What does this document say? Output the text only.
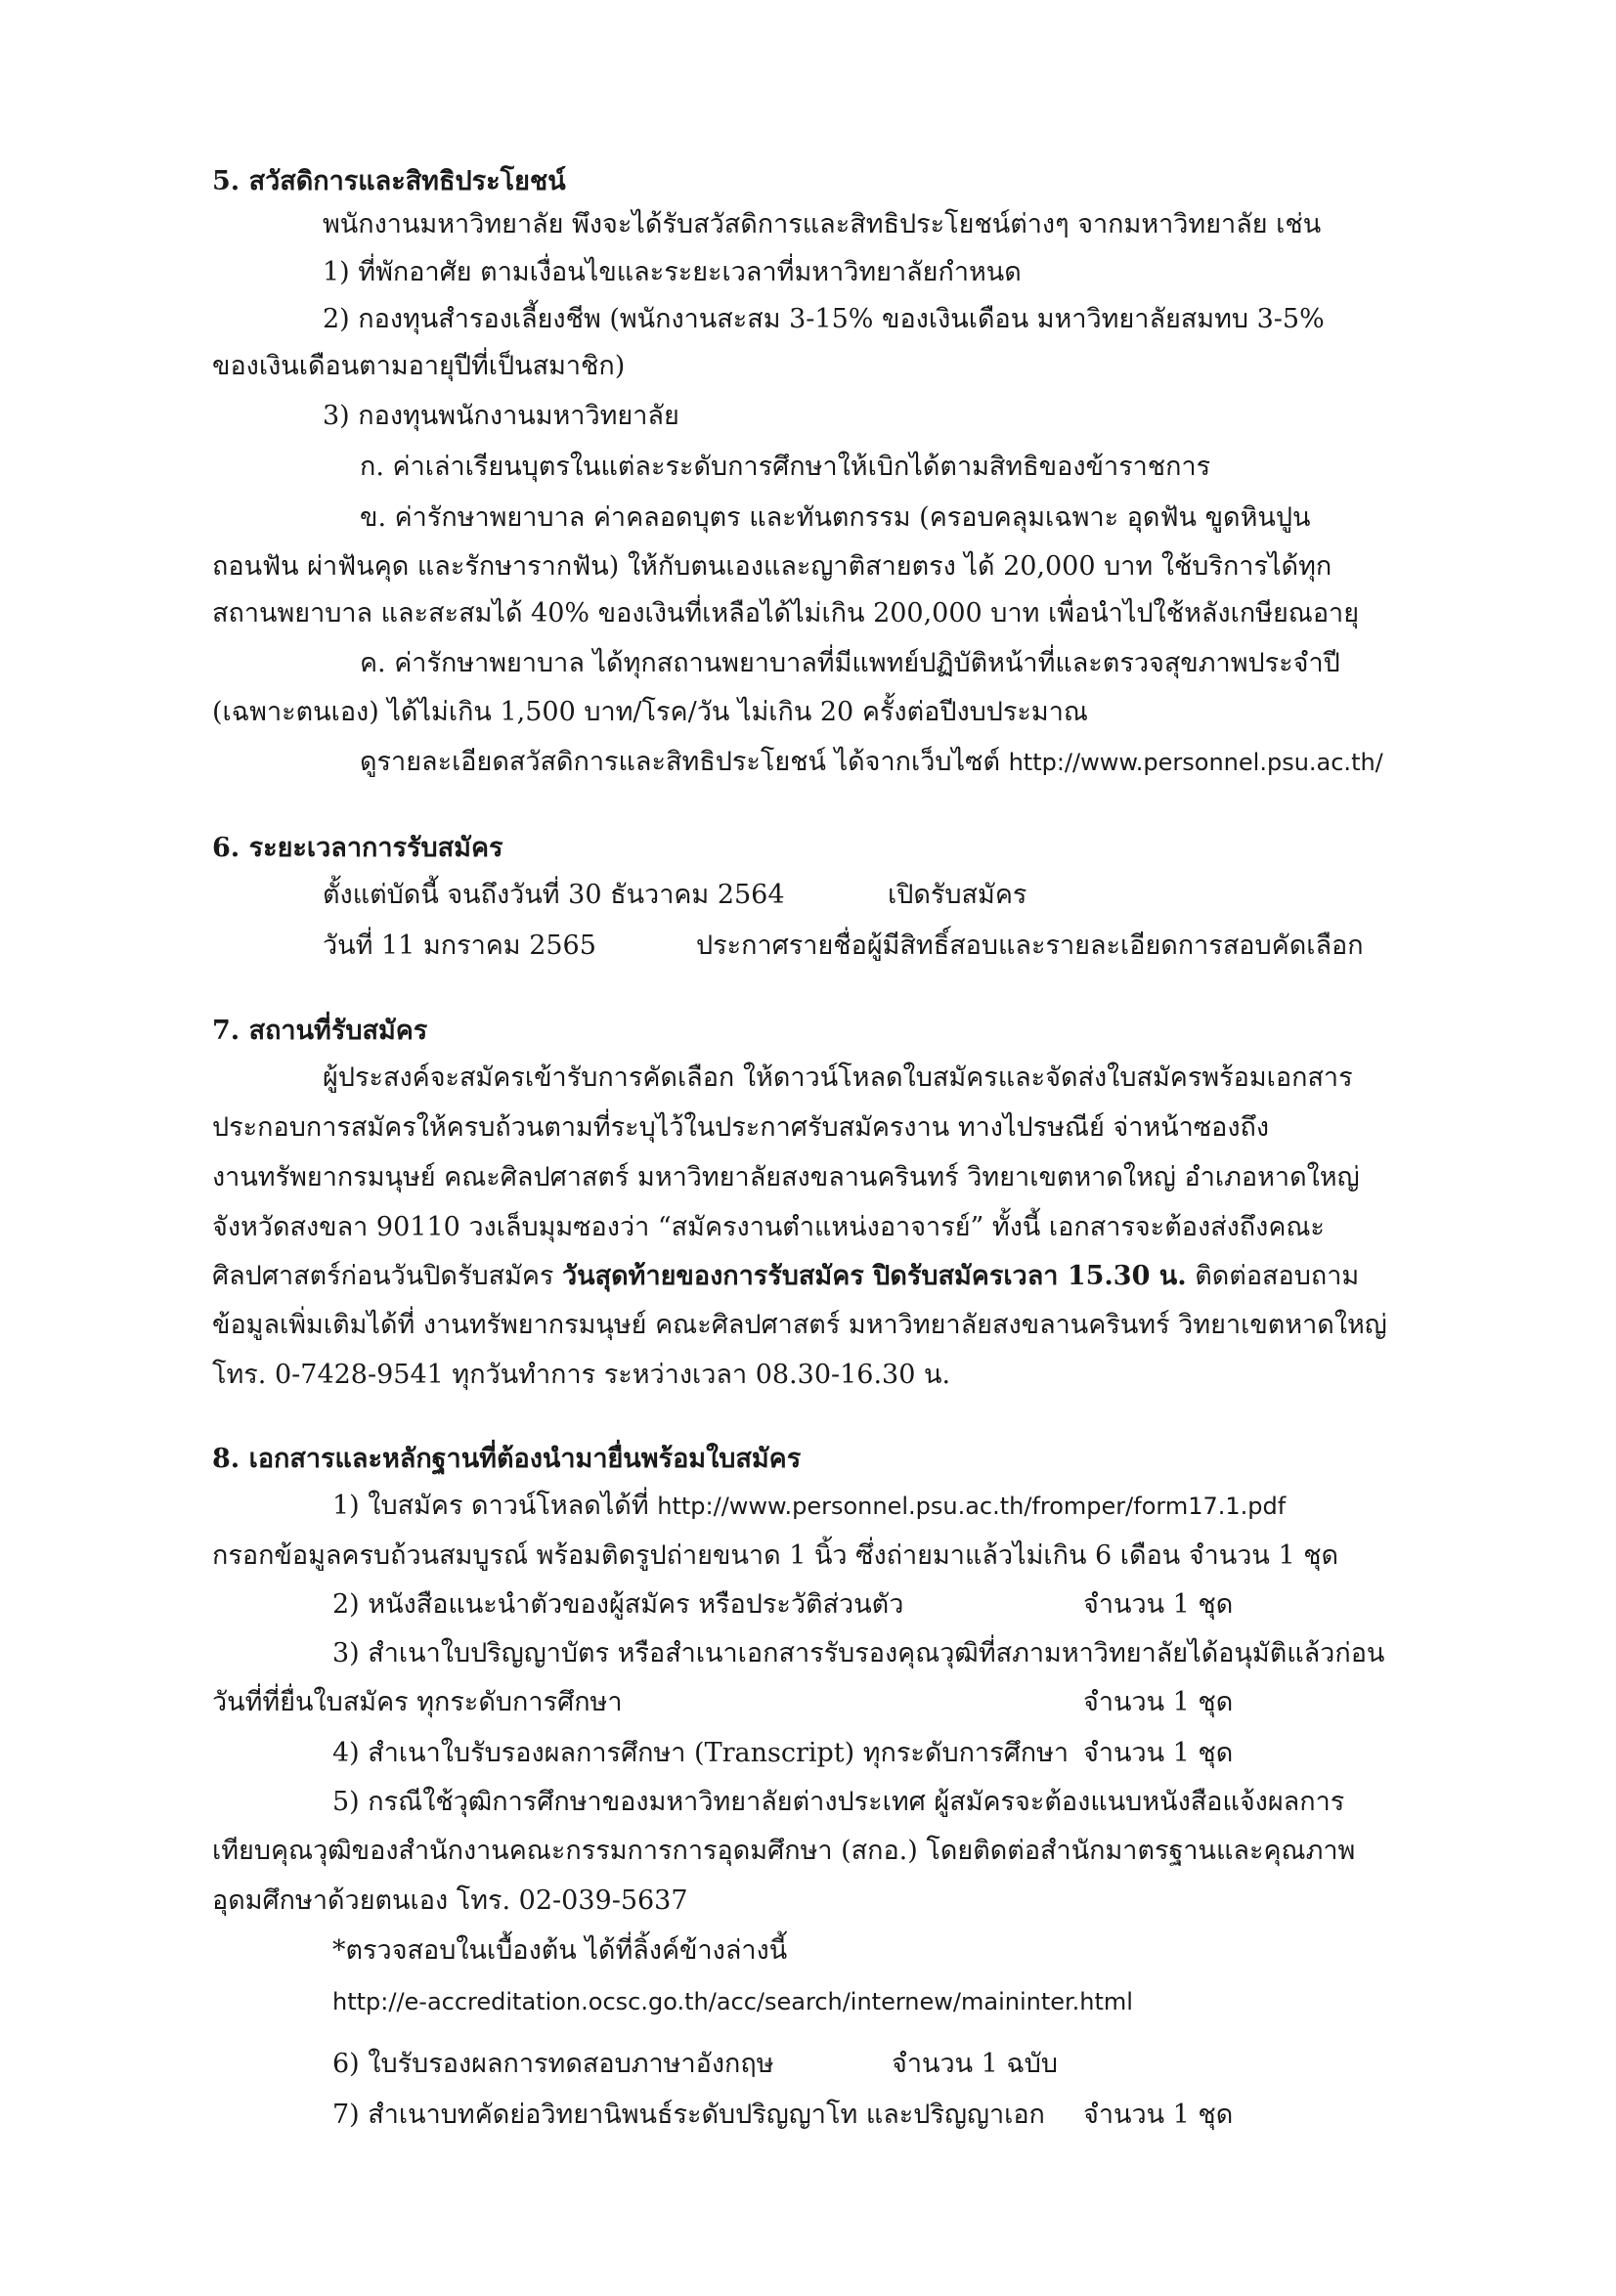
5. สวัสดิการและสิทธิประโยชน์
พนักงานมหาวิทยาลัย พึงจะได้รับสวัสดิการและสิทธิประโยชน์ต่างๆ จากมหาวิทยาลัย เช่น
1) ที่พักอาศัย ตามเงื่อนไขและระยะเวลาที่มหาวิทยาลัยกำหนด
2) กองทุนสำรองเลี้ยงชีพ (พนักงานสะสม 3-15% ของเงินเดือน มหาวิทยาลัยสมทบ 3-5%
ของเงินเดือนตามอายุปีที่เป็นสมาชิก)
3) กองทุนพนักงานมหาวิทยาลัย
ก. ค่าเล่าเรียนบุตรในแต่ละระดับการศึกษาให้เบิกได้ตามสิทธิของข้าราชการ
ข. ค่ารักษาพยาบาล ค่าคลอดบุตร และทันตกรรม (ครอบคลุมเฉพาะ อุดฟัน ขูดหินปูน
ถอนฟัน ผ่าฟันคุด และรักษารากฟัน) ให้กับตนเองและญาติสายตรง ได้ 20,000 บาท ใช้บริการได้ทุก
สถานพยาบาล และสะสมได้ 40% ของเงินที่เหลือได้ไม่เกิน 200,000 บาท เพื่อนำไปใช้หลังเกษียณอายุ
ค. ค่ารักษาพยาบาล ได้ทุกสถานพยาบาลที่มีแพทย์ปฏิบัติหน้าที่และตรวจสุขภาพประจำปี
(เฉพาะตนเอง) ได้ไม่เกิน 1,500 บาท/โรค/วัน ไม่เกิน 20 ครั้งต่อปีงบประมาณ
ดูรายละเอียดสวัสดิการและสิทธิประโยชน์ ได้จากเว็บไซต์ http://www.personnel.psu.ac.th/
6. ระยะเวลาการรับสมัคร
ตั้งแต่บัดนี้ จนถึงวันที่ 30 ธันวาคม 2564	เปิดรับสมัคร
วันที่ 11 มกราคม 2565	ประกาศรายชื่อผู้มีสิทธิ์สอบและรายละเอียดการสอบคัดเลือก
7. สถานที่รับสมัคร
ผู้ประสงค์จะสมัครเข้ารับการคัดเลือก ให้ดาวน์โหลดใบสมัครและจัดส่งใบสมัครพร้อมเอกสาร
ประกอบการสมัครให้ครบถ้วนตามที่ระบุไว้ในประกาศรับสมัครงาน ทางไปรษณีย์ จ่าหน้าซองถึง
งานทรัพยากรมนุษย์ คณะศิลปศาสตร์ มหาวิทยาลัยสงขลานครินทร์ วิทยาเขตหาดใหญ่ อำเภอหาดใหญ่
จังหวัดสงขลา 90110 วงเล็บมุมซองว่า “สมัครงานตำแหน่งอาจารย์” ทั้งนี้ เอกสารจะต้องส่งถึงคณะ
ศิลปศาสตร์ก่อนวันปิดรับสมัคร วันสุดท้ายของการรับสมัคร ปิดรับสมัครเวลา 15.30 น. ติดต่อสอบถาม
ข้อมูลเพิ่มเติมได้ที่ งานทรัพยากรมนุษย์ คณะศิลปศาสตร์ มหาวิทยาลัยสงขลานครินทร์ วิทยาเขตหาดใหญ่
โทร. 0-7428-9541 ทุกวันทำการ ระหว่างเวลา 08.30-16.30 น.
8. เอกสารและหลักฐานที่ต้องนำมายื่นพร้อมใบสมัคร
1) ใบสมัคร ดาวน์โหลดได้ที่ http://www.personnel.psu.ac.th/fromper/form17.1.pdf
กรอกข้อมูลครบถ้วนสมบูรณ์ พร้อมติดรูปถ่ายขนาด 1 นิ้ว ซึ่งถ่ายมาแล้วไม่เกิน 6 เดือน จำนวน 1 ชุด
2) หนังสือแนะนำตัวของผู้สมัคร หรือประวัติส่วนตัว	จำนวน 1 ชุด
3) สำเนาใบปริญญาบัตร หรือสำเนาเอกสารรับรองคุณวุฒิที่สภามหาวิทยาลัยได้อนุมัติแล้วก่อน
วันที่ที่ยื่นใบสมัคร ทุกระดับการศึกษา	จำนวน 1 ชุด
4) สำเนาใบรับรองผลการศึกษา (Transcript) ทุกระดับการศึกษา จำนวน 1 ชุด
5) กรณีใช้วุฒิการศึกษาของมหาวิทยาลัยต่างประเทศ ผู้สมัครจะต้องแนบหนังสือแจ้งผลการ
เทียบคุณวุฒิของสำนักงานคณะกรรมการการอุดมศึกษา (สกอ.) โดยติดต่อสำนักมาตรฐานและคุณภาพ
อุดมศึกษาด้วยตนเอง โทร. 02-039-5637
*ตรวจสอบในเบื้องต้น ได้ที่ลิ้งค์ข้างล่างนี้
http://e-accreditation.ocsc.go.th/acc/search/internew/maininter.html
6) ใบรับรองผลการทดสอบภาษาอังกฤษ	จำนวน 1 ฉบับ
7) สำเนาบทคัดย่อวิทยานิพนธ์ระดับปริญญาโท และปริญญาเอก จำนวน 1 ชุด
